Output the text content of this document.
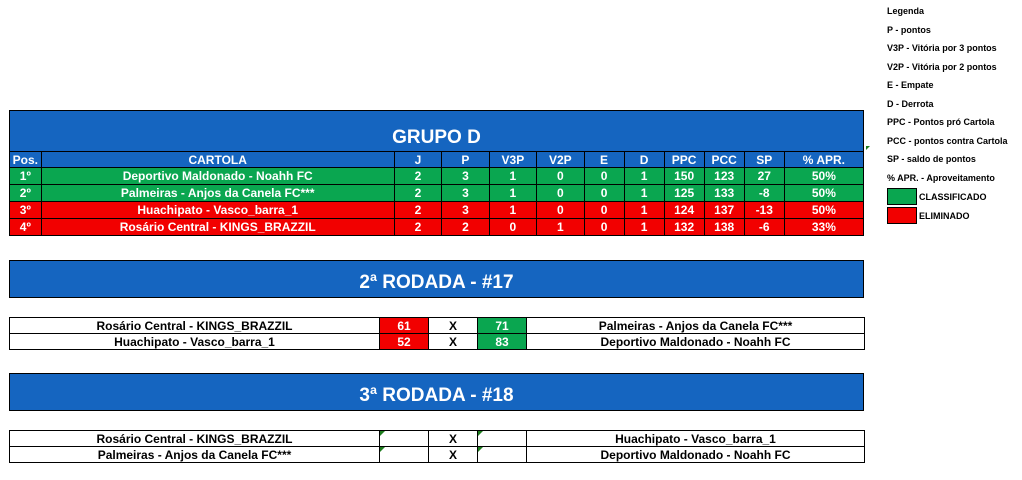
GRUPO D											
Pos.	CARTOLA	J	P	V3P	V2P	E	D	PPC	PCC	SP	% APR.
1º	Deportivo Maldonado - Noahh FC	2	3	1	0	0	1	150	123	27	50%
2º	Palmeiras - Anjos da Canela FC***	2	3	1	0	0	1	125	133	-8	50%
3º	Huachipato - Vasco_barra_1	2	3	1	0	0	1	124	137	-13	50%
4º	Rosário Central - KINGS_BRAZZIL	2	2	0	1	0	1	132	138	-6	33%
2ª RODADA - #17
Rosário Central - KINGS_BRAZZIL	61	X	71	Palmeiras - Anjos da Canela FC***
Huachipato - Vasco_barra_1	52	X	83	Deportivo Maldonado - Noahh FC
3ª RODADA - #18
Rosário Central - KINGS_BRAZZIL		X		Huachipato - Vasco_barra_1
Palmeiras - Anjos da Canela FC***		X		Deportivo Maldonado - Noahh FC
Legenda
P - pontos
V3P - Vitória por 3 pontos
V2P - Vitória por 2 pontos
E - Empate
D - Derrota
PPC - Pontos pró Cartola
PCC - pontos contra Cartola
SP - saldo de pontos
% APR. - Aproveitamento
CLASSIFICADO
ELIMINADO
